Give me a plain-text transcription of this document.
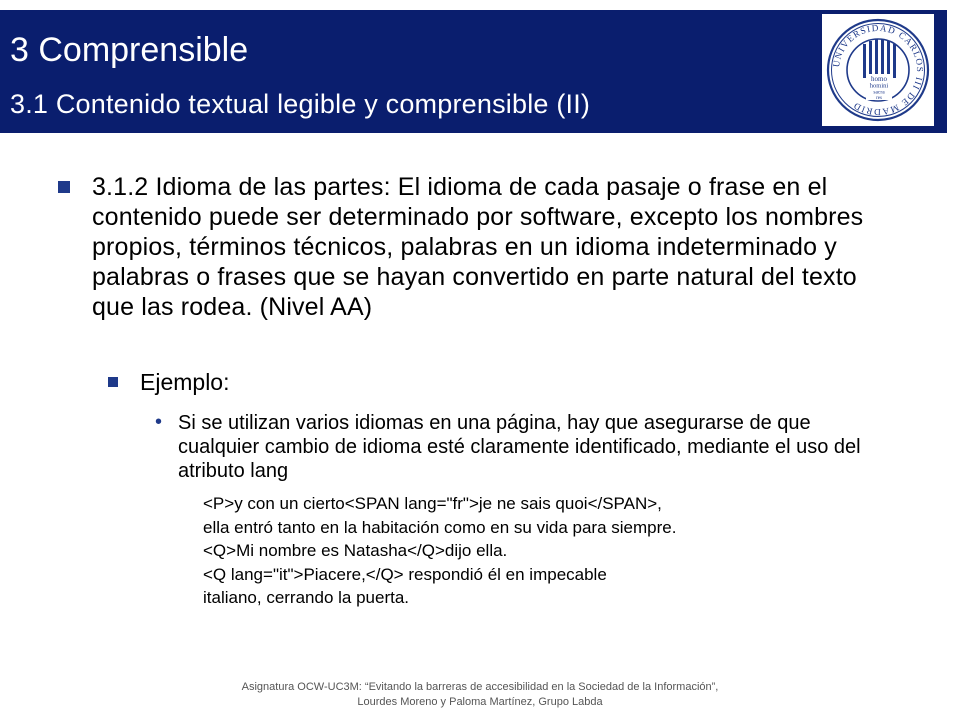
3 Comprensible
3.1 Contenido textual legible y comprensible (II)
UNIVERSIDAD CARLOS III DE MADRID
homo
homini
sacra
res
3.1.2 Idioma de las partes: El idioma de cada pasaje o frase en el contenido puede ser determinado por software, excepto los nombres propios, términos técnicos, palabras en un idioma indeterminado y palabras o frases que se hayan convertido en parte natural del texto que las rodea. (Nivel AA)
Ejemplo:
• Si se utilizan varios idiomas en una página, hay que asegurarse de que cualquier cambio de idioma esté claramente identificado, mediante el uso del atributo lang
<P>y con un cierto<SPAN lang="fr">je ne sais quoi</SPAN>,
ella entró tanto en la habitación como en su vida para siempre.
<Q>Mi nombre es Natasha</Q>dijo ella.
<Q lang="it">Piacere,</Q> respondió él en impecable
italiano, cerrando la puerta.
Asignatura OCW-UC3M: “Evitando la barreras de accesibilidad en la Sociedad de la Información”,
Lourdes Moreno y Paloma Martínez, Grupo Labda
